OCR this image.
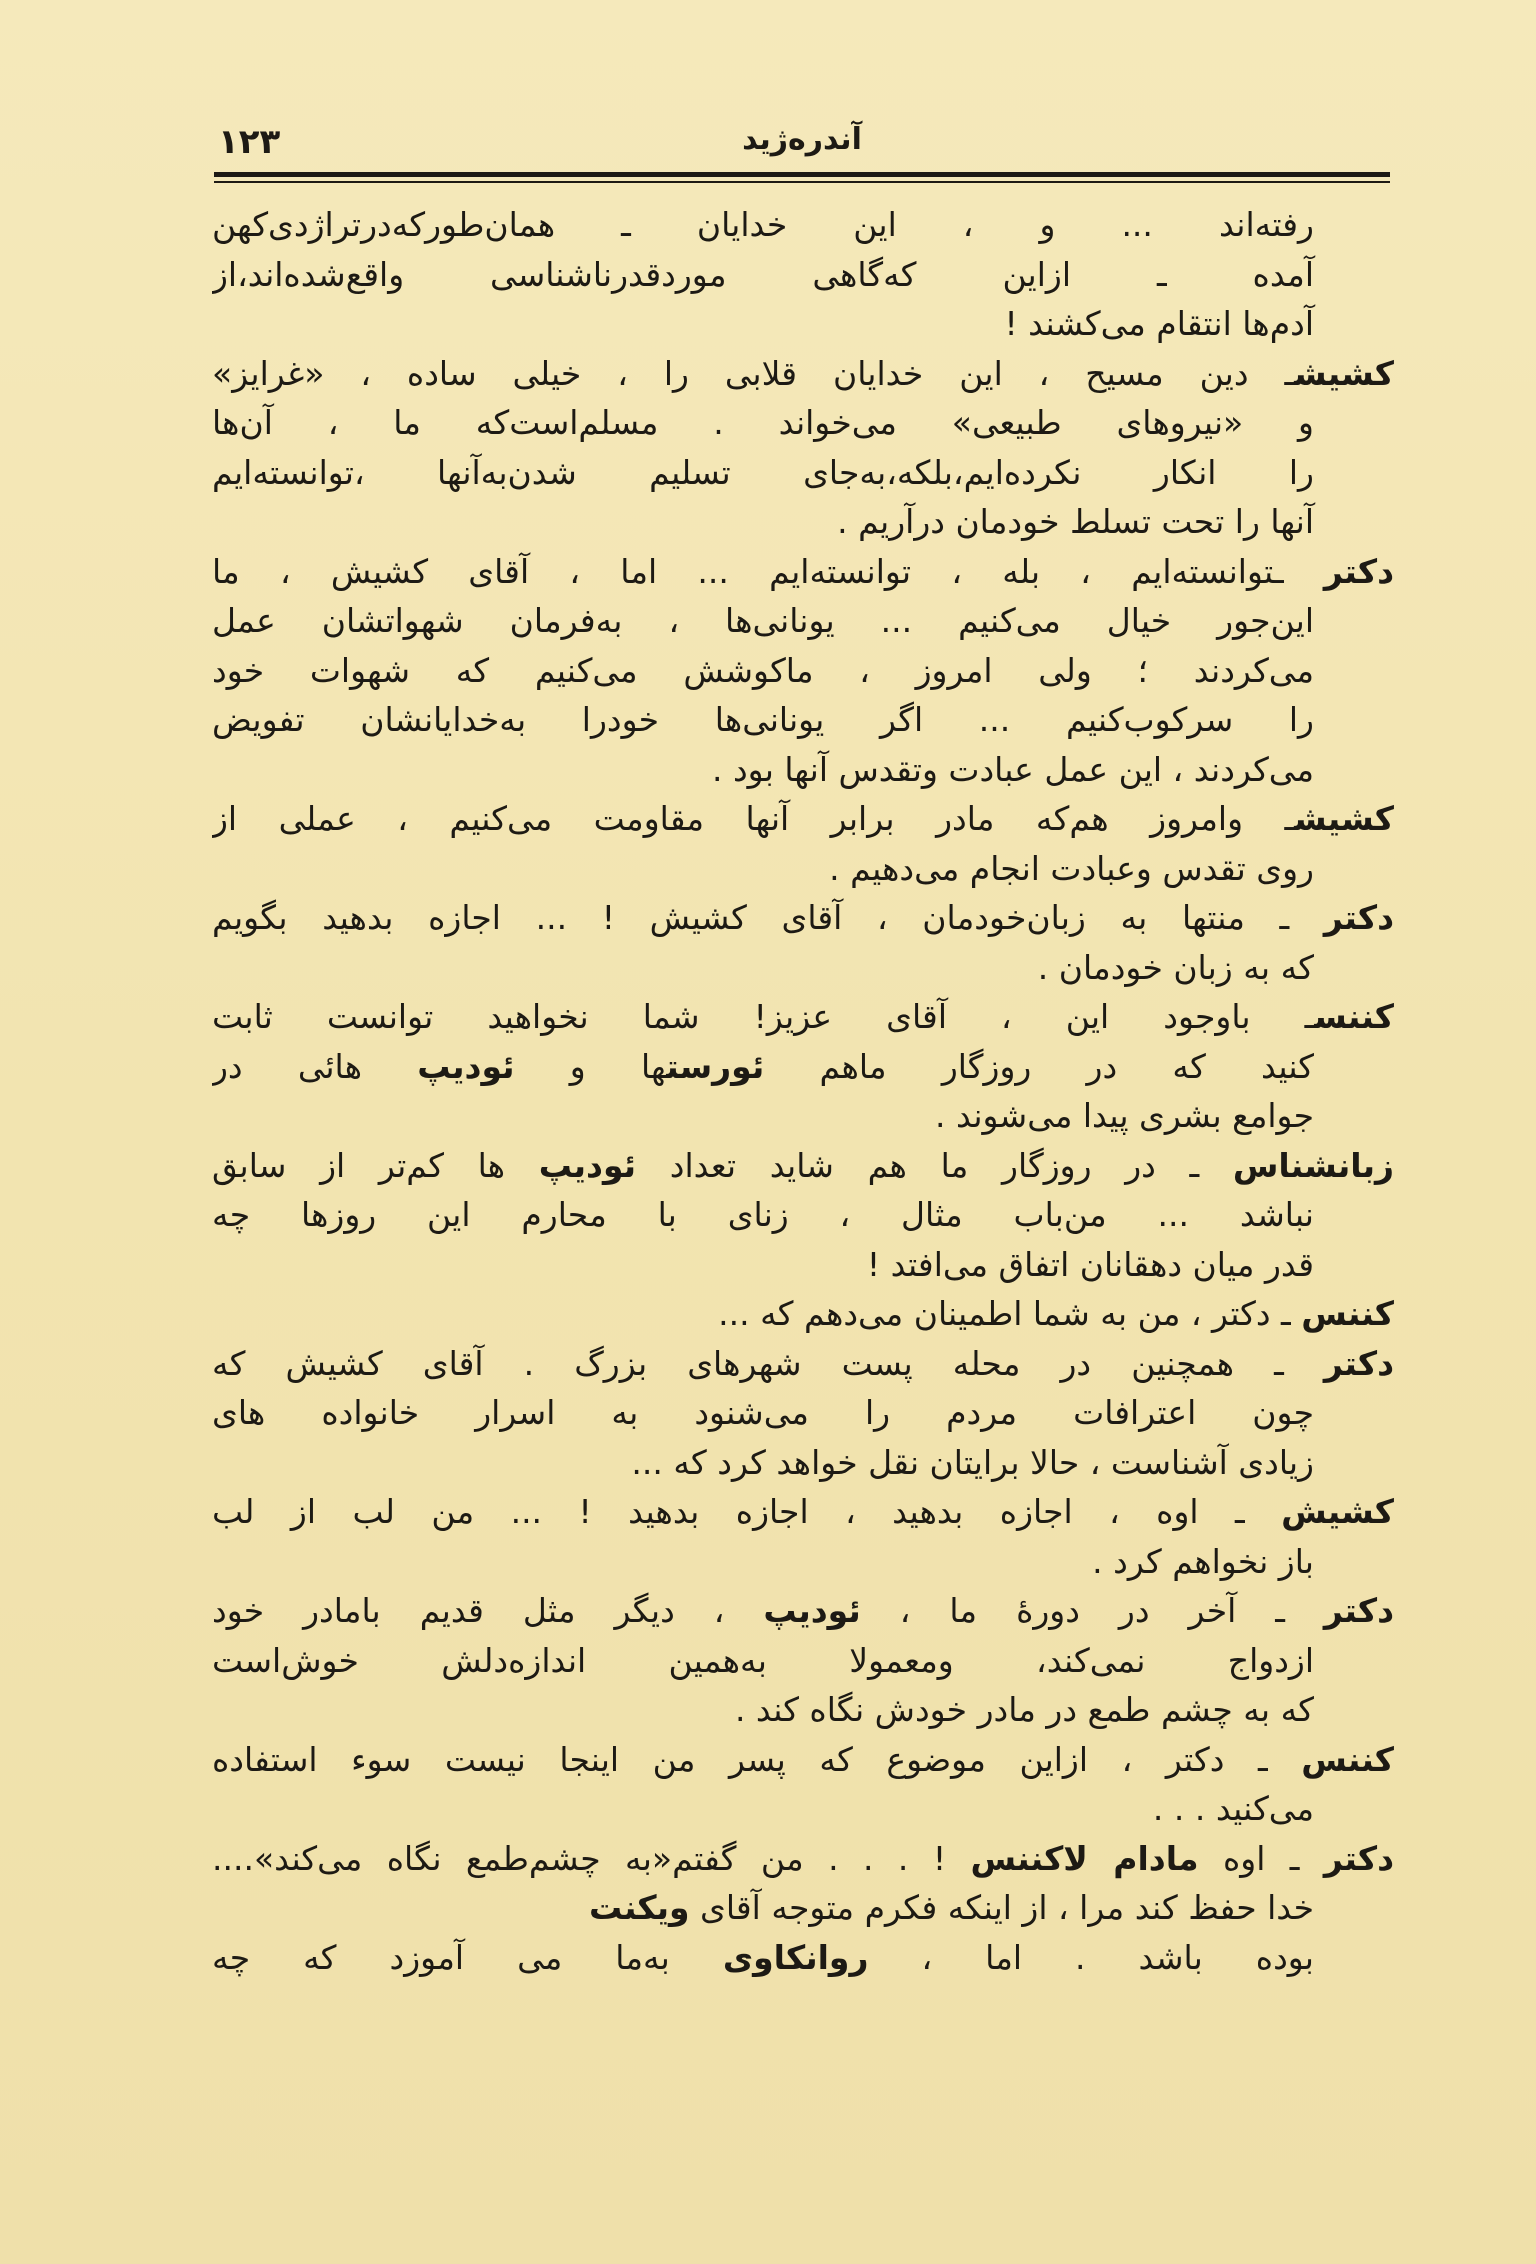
۱۲۳	آندره‌ژید
رفته‌اند ... و ، این خدایان ـ همان‌طورکه‌درتراژدی‌کهن
آمده ـ ازاین که‌گاهی موردقدرناشناسی واقع‌شده‌اند،از
آدم‌ها انتقام می‌کشند !
کشیشـ دین مسیح ، این خدایان قلابی را ، خیلی ساده ، «غرایز»
و «نیروهای طبیعی» می‌خواند . مسلم‌است‌که ما ، آن‌ها
را انکار نکرده‌ایم،بلکه،به‌جای تسلیم شدن‌به‌آنها ،توانسته‌ایم
آنها را تحت تسلط خودمان درآریم .
دکتر ـتوانسته‌ایم ، بله ، توانسته‌ایم ... اما ، آقای کشیش ، ما
این‌جور خیال می‌کنیم ... یونانی‌ها ، به‌فرمان شهواتشان عمل
می‌کردند ؛ ولی امروز ، ماکوشش می‌کنیم که شهوات خود
را سرکوب‌کنیم ... اگر یونانی‌ها خودرا به‌خدایانشان تفویض
می‌کردند ، این عمل عبادت وتقدس آنها بود .
کشیشـ وامروز هم‌که مادر برابر آنها مقاومت می‌کنیم ، عملی از
روی تقدس وعبادت انجام می‌دهیم .
دکتر ـ منتها به زبان‌خودمان ، آقای کشیش ! ... اجازه بدهید بگویم
که به زبان خودمان .
کننسـ باوجود این ، آقای عزیز! شما نخواهید توانست ثابت
کنید که در روزگار ماهم ئورستها و ئودیپ هائی در
جوامع بشری پیدا می‌شوند .
زبانشناس ـ در روزگار ما هم شاید تعداد ئودیپ ها کم‌تر از سابق
نباشد ... من‌باب مثال ، زنای با محارم این روزها چه
قدر میان دهقانان اتفاق می‌افتد !
کننس ـ دکتر ، من به شما اطمینان می‌دهم که ...
دکتر ـ همچنین در محله پست شهرهای بزرگ . آقای کشیش که
چون اعترافات مردم را می‌شنود به اسرار خانواده های
زیادی آشناست ، حالا برایتان نقل خواهد کرد که ...
کشیش ـ اوه ، اجازه بدهید ، اجازه بدهید ! ... من لب از لب
باز نخواهم کرد .
دکتر ـ آخر در دورهٔ ما ، ئودیپ ، دیگر مثل قدیم بامادر خود
ازدواج نمی‌کند، ومعمولا به‌همین اندازه‌دلش خوش‌است
که به چشم طمع در مادر خودش نگاه کند .
کننس ـ دکتر ، ازاین موضوع که پسر من اینجا نیست سوء استفاده
می‌کنید . . .
دکتر ـ اوه مادام لاکننس ! . . . من گفتم«به چشم‌طمع نگاه می‌کند»....
خدا حفظ کند مرا ، از اینکه فکرم متوجه آقای ویکنت
بوده باشد . اما ، روانکاوی به‌ما می آموزد که چه
